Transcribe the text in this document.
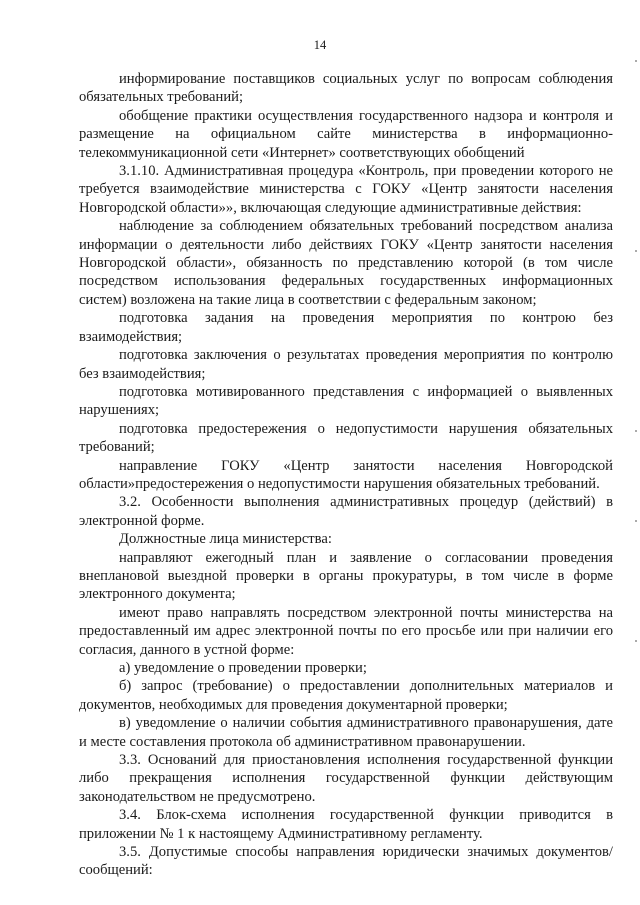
14

информирование поставщиков социальных услуг по вопросам соблюдения обязательных требований;

обобщение практики осуществления государственного надзора и контроля и размещение на официальном сайте министерства в информационно-телекоммуникационной сети «Интернет» соответствующих обобщений

3.1.10. Административная процедура «Контроль, при проведении которого не требуется взаимодействие министерства с ГОКУ «Центр занятости населения Новгородской области»», включающая следующие административные действия:

наблюдение за соблюдением обязательных требований посредством анализа информации о деятельности либо действиях ГОКУ «Центр занятости населения Новгородской области», обязанность по представлению которой (в том числе посредством использования федеральных государственных информационных систем) возложена на такие лица в соответствии с федеральным законом;

подготовка задания на проведения мероприятия по контрою без взаимодействия;

подготовка заключения о результатах проведения мероприятия по контролю без взаимодействия;

подготовка мотивированного представления с информацией о выявленных нарушениях;

подготовка предостережения о недопустимости нарушения обязательных требований;

направление ГОКУ «Центр занятости населения Новгородской области»предостережения о недопустимости нарушения обязательных требований.

3.2. Особенности выполнения административных процедур (действий) в электронной форме.

Должностные лица министерства:

направляют ежегодный план и заявление о согласовании проведения внеплановой выездной проверки в органы прокуратуры, в том числе в форме электронного документа;

имеют право направлять посредством электронной почты министерства на предоставленный им адрес электронной почты по его просьбе или при наличии его согласия, данного в устной форме:

а) уведомление о проведении проверки;

б) запрос (требование) о предоставлении дополнительных материалов и документов, необходимых для проведения документарной проверки;

в) уведомление о наличии события административного правонарушения, дате и месте составления протокола об административном правонарушении.

3.3. Оснований для приостановления исполнения государственной функции либо прекращения исполнения государственной функции действующим законодательством не предусмотрено.

3.4. Блок-схема исполнения государственной функции приводится в приложении № 1 к настоящему Административному регламенту.

3.5. Допустимые способы направления юридически значимых документов/сообщений:
